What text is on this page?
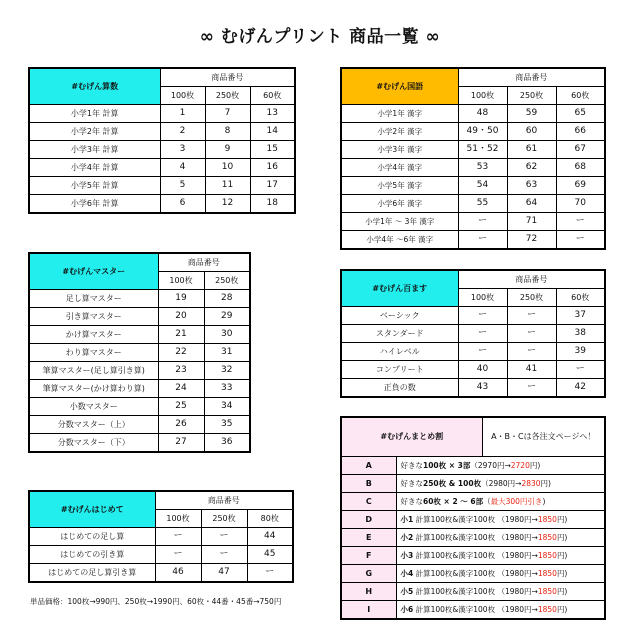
∞ むげんプリント 商品一覧 ∞
#むげん算数	商品番号		
	100枚	250枚	60枚
小学1年 計算	1	7	13
小学2年 計算	2	8	14
小学3年 計算	3	9	15
小学4年 計算	4	10	16
小学5年 計算	5	11	17
小学6年 計算	6	12	18
#むげん国語	商品番号		
	100枚	250枚	60枚
小学1年 漢字	48	59	65
小学2年 漢字	49・50	60	66
小学3年 漢字	51・52	61	67
小学4年 漢字	53	62	68
小学5年 漢字	54	63	69
小学6年 漢字	55	64	70
小学1年 ～ 3年 漢字	ー	71	ー
小学4年 ～6年 漢字	ー	72	ー
#むげんマスター	商品番号	
	100枚	250枚
足し算マスター	19	28
引き算マスター	20	29
かけ算マスター	21	30
わり算マスター	22	31
筆算マスター(足し算引き算)	23	32
筆算マスター(かけ算わり算)	24	33
小数マスター	25	34
分数マスター（上）	26	35
分数マスター（下）	27	36
#むげん百ます	商品番号		
	100枚	250枚	60枚
ベーシック	ー	ー	37
スタンダード	ー	ー	38
ハイレベル	ー	ー	39
コンプリート	40	41	ー
正負の数	43	ー	42
#むげんはじめて	商品番号		
	100枚	250枚	80枚
はじめての足し算	ー	ー	44
はじめての引き算	ー	ー	45
はじめての足し算引き算	46	47	ー
#むげんまとめ割		A・B・Cは各注文ページへ！
A	好きな100枚 × 3部（2970円→2720円)	
B	好きな250枚 & 100枚（2980円→2830円)	
C	好きな60枚 × 2 ～ 6部（最大300円引き)	
D	小1 計算100枚&漢字100枚 （1980円→1850円)	
E	小2 計算100枚&漢字100枚 （1980円→1850円)	
F	小3 計算100枚&漢字100枚 （1980円→1850円)	
G	小4 計算100枚&漢字100枚 （1980円→1850円)	
H	小5 計算100枚&漢字100枚 （1980円→1850円)	
I	小6 計算100枚&漢字100枚 （1980円→1850円)	
単品価格：100枚→990円、250枚→1990円、60枚・44番・45番→750円
